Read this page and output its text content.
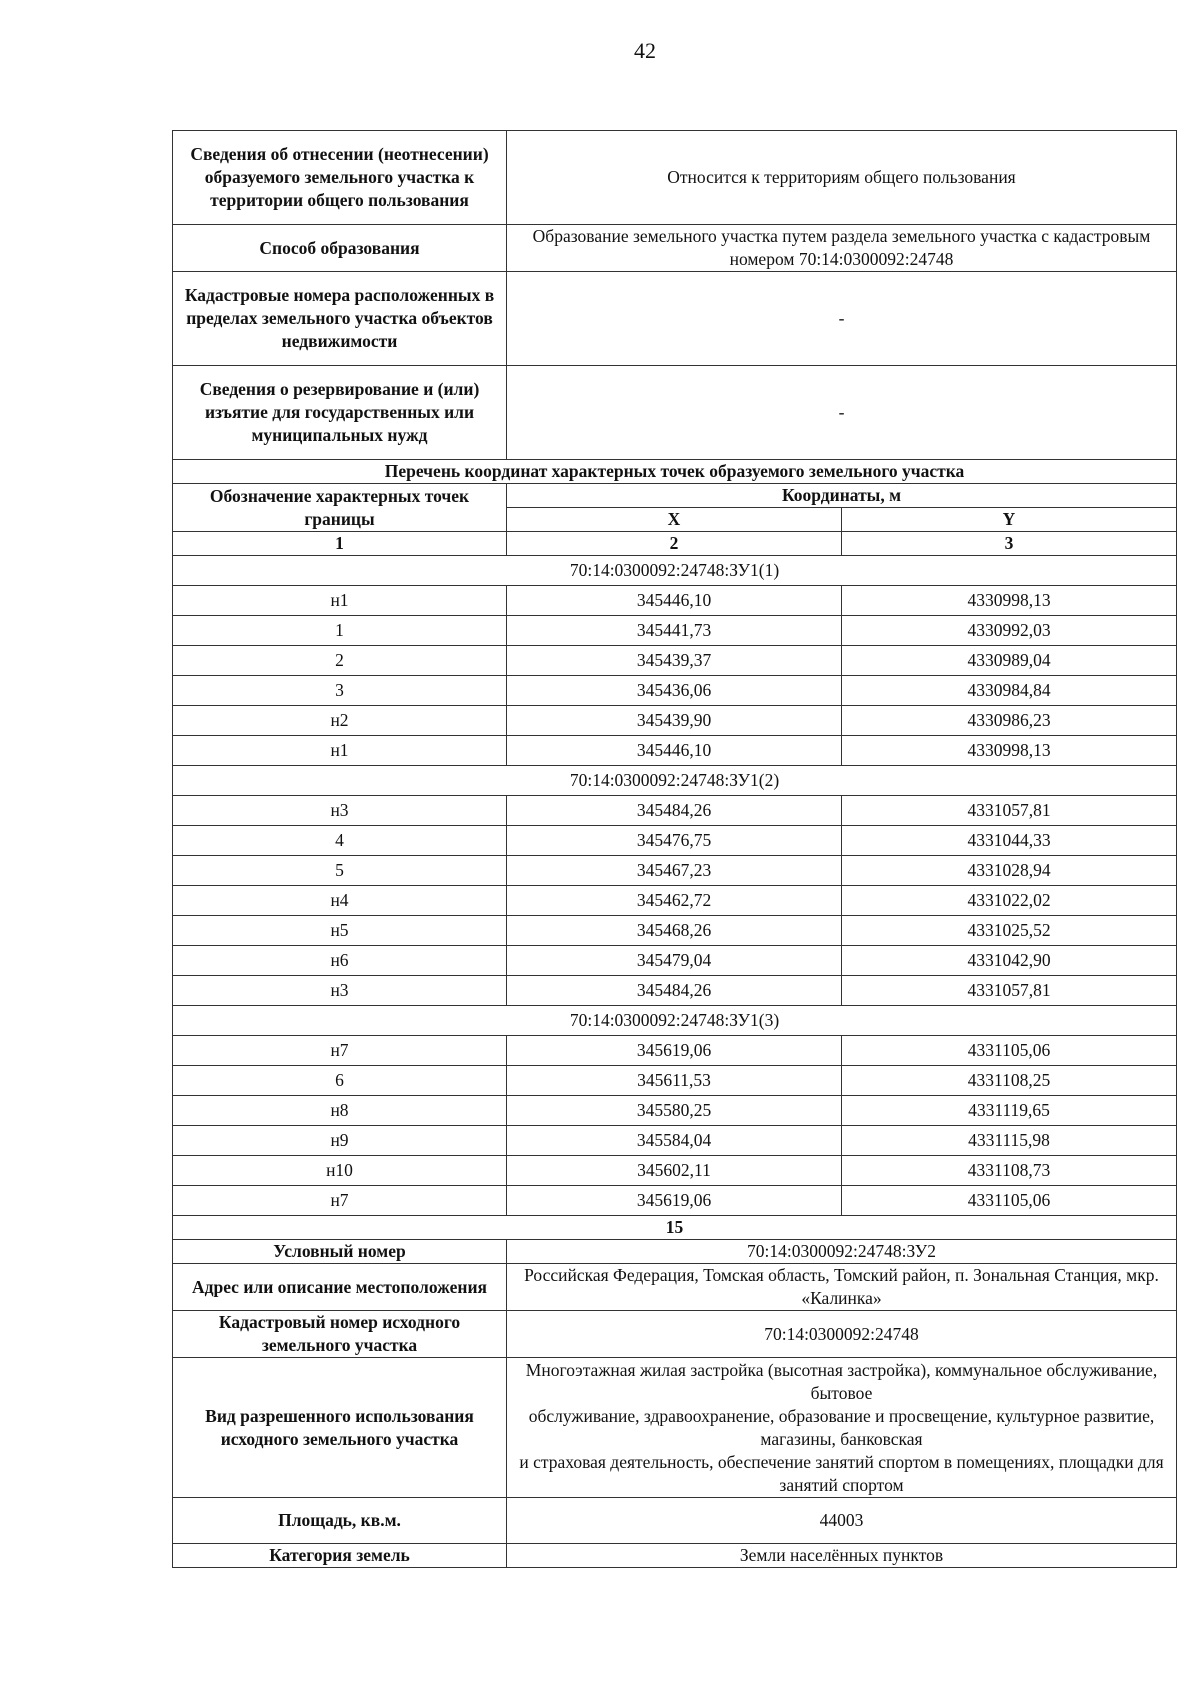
42
Сведения об отнесении (неотнесении) образуемого земельного участка к территории общего пользования	Относится к территориям общего пользования	
Способ образования	Образование земельного участка путем раздела земельного участка с кадастровым номером 70:14:0300092:24748	
Кадастровые номера расположенных в пределах земельного участка объектов недвижимости	-	
Сведения о резервирование и (или) изъятие для государственных или муниципальных нужд	-	
Перечень координат характерных точек образуемого земельного участка		
Обозначение характерных точек границы	Координаты, м	
	X	Y
1	2	3
70:14:0300092:24748:ЗУ1(1)		
н1	345446,10	4330998,13
1	345441,73	4330992,03
2	345439,37	4330989,04
3	345436,06	4330984,84
н2	345439,90	4330986,23
н1	345446,10	4330998,13
70:14:0300092:24748:ЗУ1(2)		
н3	345484,26	4331057,81
4	345476,75	4331044,33
5	345467,23	4331028,94
н4	345462,72	4331022,02
н5	345468,26	4331025,52
н6	345479,04	4331042,90
н3	345484,26	4331057,81
70:14:0300092:24748:ЗУ1(3)		
н7	345619,06	4331105,06
6	345611,53	4331108,25
н8	345580,25	4331119,65
н9	345584,04	4331115,98
н10	345602,11	4331108,73
н7	345619,06	4331105,06
15		
Условный номер	70:14:0300092:24748:ЗУ2	
Адрес или описание местоположения	Российская Федерация, Томская область, Томский район, п. Зональная Станция, мкр. «Калинка»	
Кадастровый номер исходного земельного участка	70:14:0300092:24748	
Вид разрешенного использования исходного земельного участка	Многоэтажная жилая застройка (высотная застройка), коммунальное обслуживание, бытовое
обслуживание, здравоохранение, образование и просвещение, культурное развитие, магазины, банковская
и страховая деятельность, обеспечение занятий спортом в помещениях, площадки для занятий спортом	

Площадь, кв.м.	44003	
Категория земель	Земли населённых пунктов	
